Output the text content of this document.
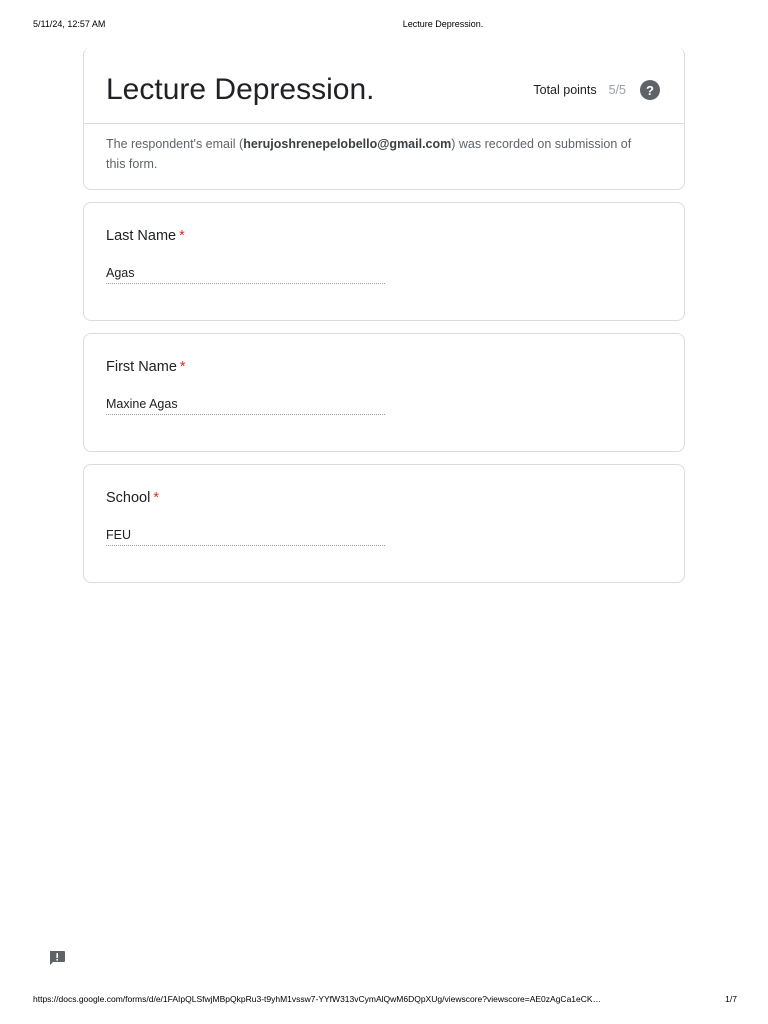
5/11/24, 12:57 AM	Lecture Depression.
Lecture Depression.	Total points 5/5	?
The respondent's email (herujoshrenepelobello@gmail.com) was recorded on submission of this form.
Last Name *
Agas
First Name *
Maxine Agas
School *
FEU
https://docs.google.com/forms/d/e/1FAIpQLSfwjMBpQkpRu3-t9yhM1vssw7-YYfW313vCymAlQwM6DQpXUg/viewscore?viewscore=AE0zAgCa1eCK…	1/7
